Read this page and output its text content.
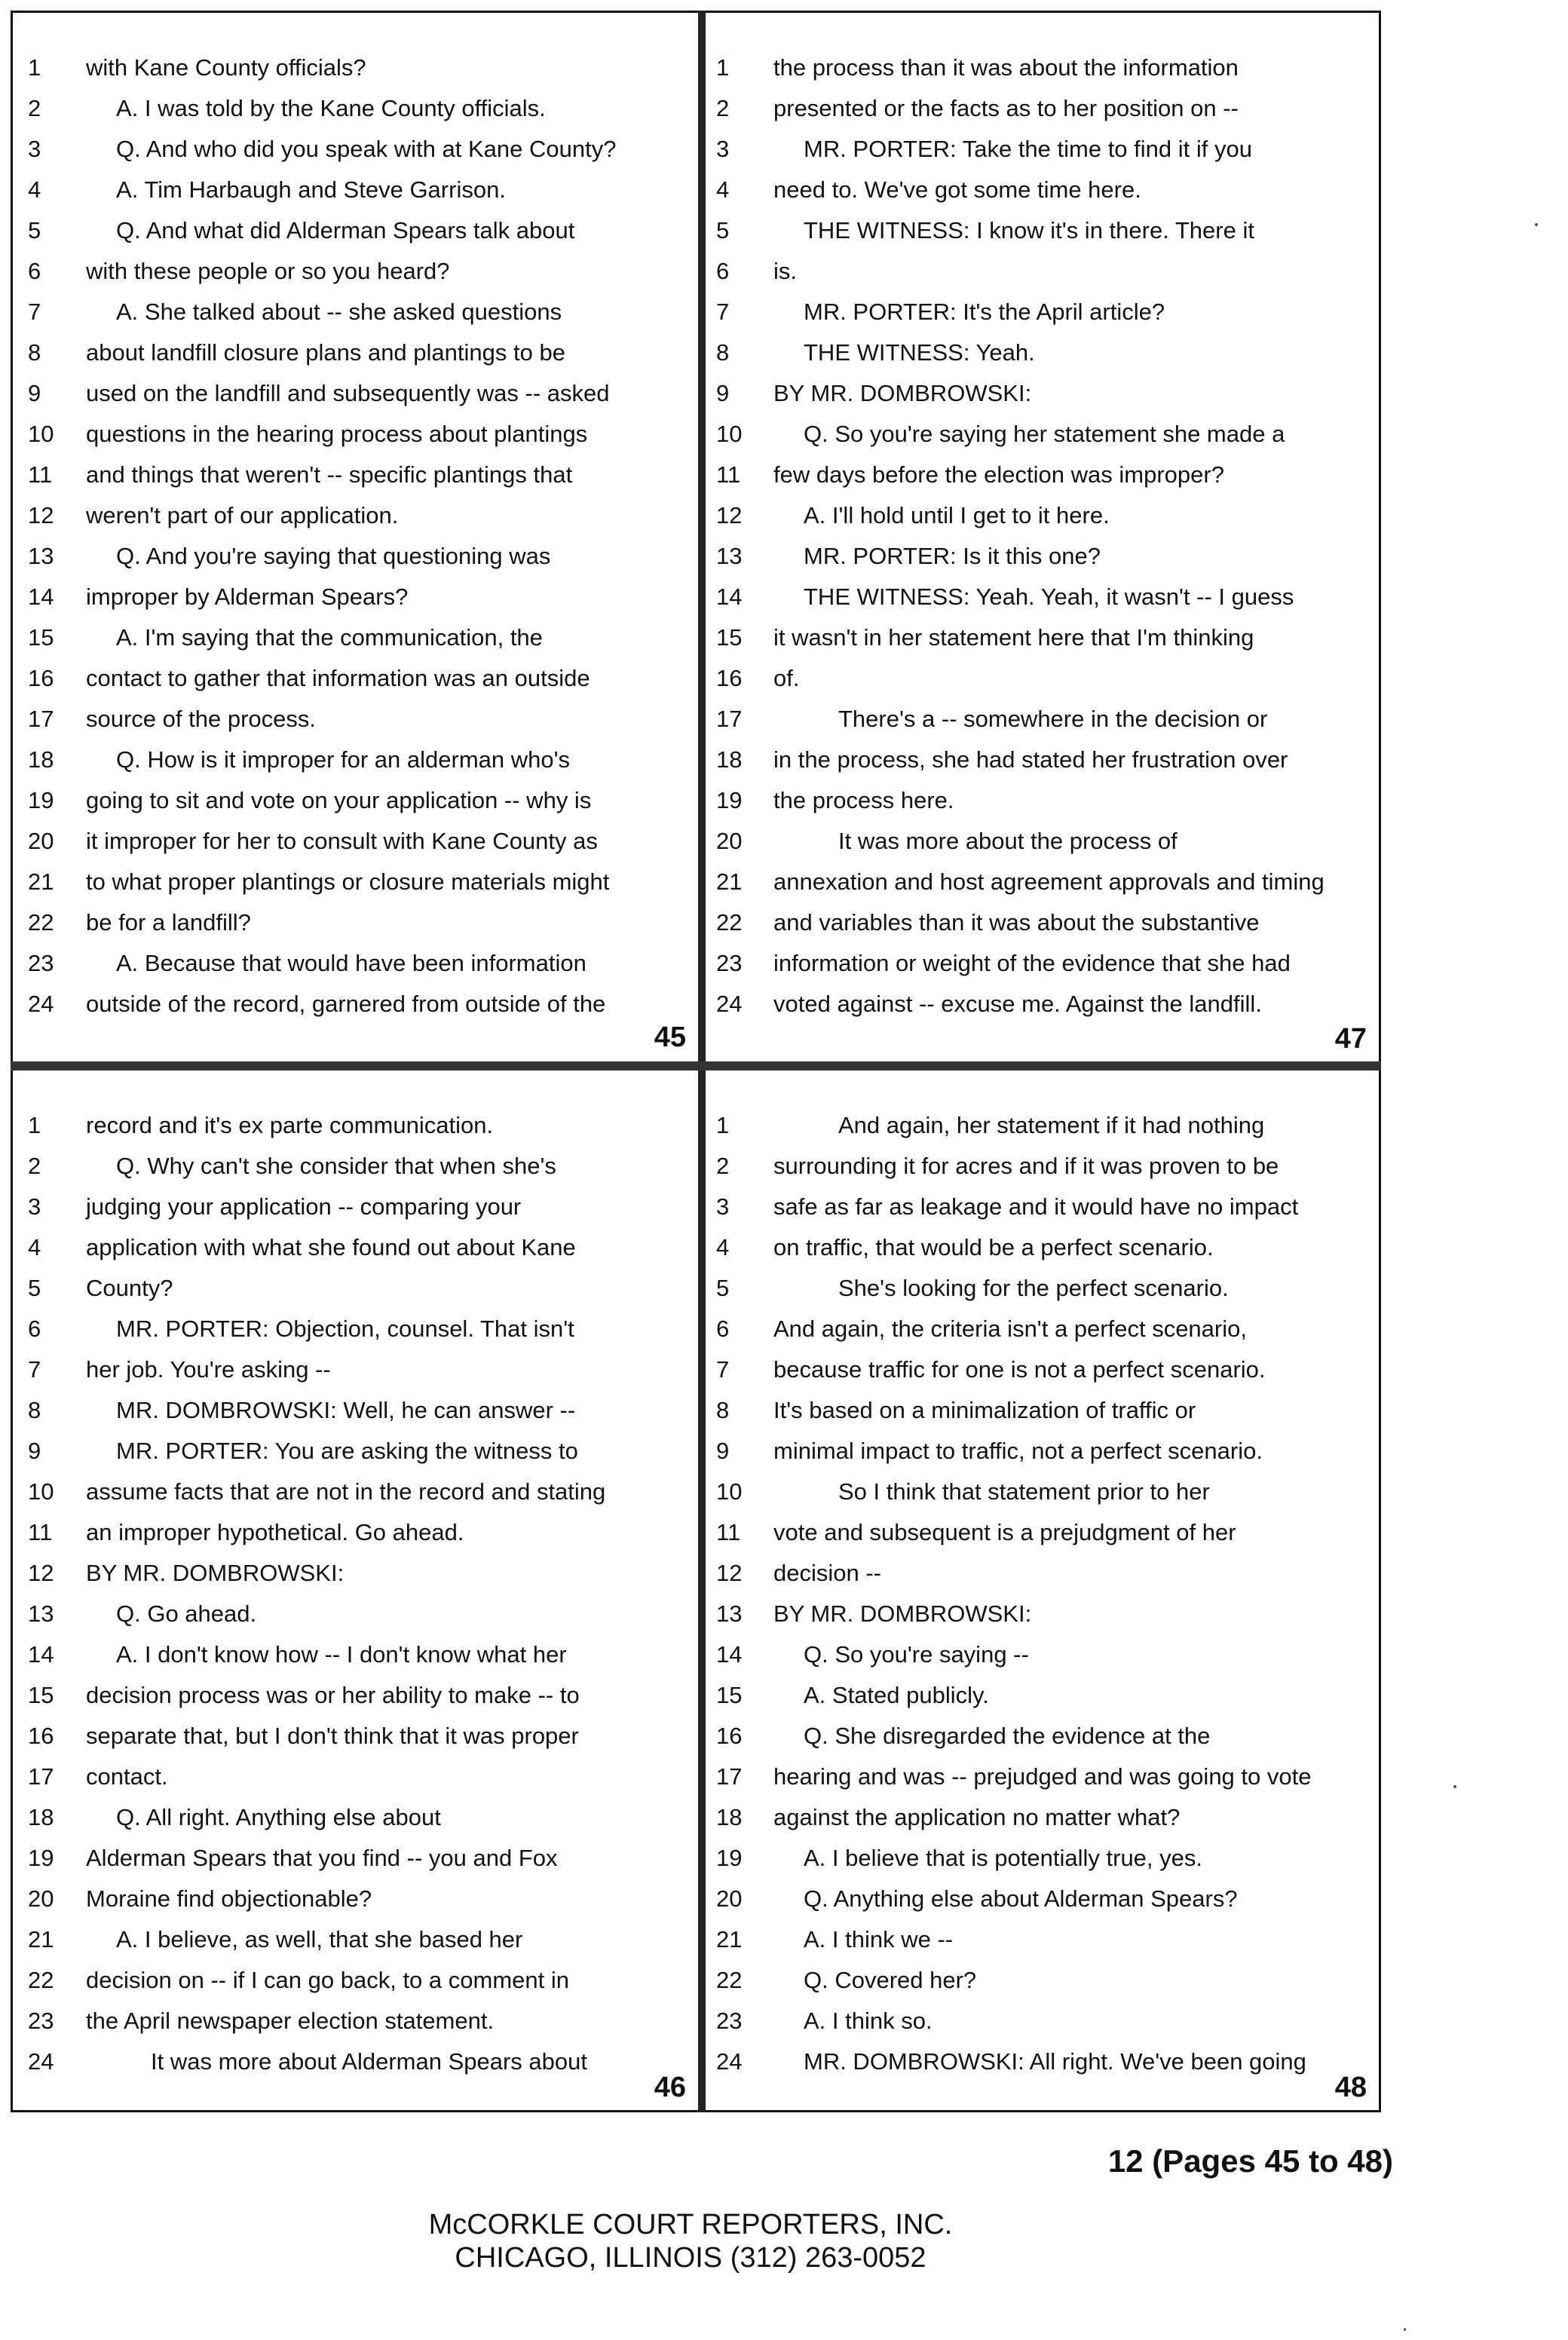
1	with Kane County officials?
2	A. I was told by the Kane County officials.
3	Q. And who did you speak with at Kane County?
4	A. Tim Harbaugh and Steve Garrison.
5	Q. And what did Alderman Spears talk about
6	with these people or so you heard?
7	A. She talked about -- she asked questions
8	about landfill closure plans and plantings to be
9	used on the landfill and subsequently was -- asked
10 questions in the hearing process about plantings
11 and things that weren't -- specific plantings that
12 weren't part of our application.
13	Q. And you're saying that questioning was
14 improper by Alderman Spears?
15	A. I'm saying that the communication, the
16 contact to gather that information was an outside
17 source of the process.
18	Q. How is it improper for an alderman who's
19 going to sit and vote on your application -- why is
20 it improper for her to consult with Kane County as
21 to what proper plantings or closure materials might
22 be for a landfill?
23	A. Because that would have been information
24 outside of the record, garnered from outside of the
45
1	the process than it was about the information
2	presented or the facts as to her position on --
3	MR. PORTER: Take the time to find it if you
4	need to. We've got some time here.
5	THE WITNESS: I know it's in there. There it
6	is.
7	MR. PORTER: It's the April article?
8	THE WITNESS: Yeah.
9	BY MR. DOMBROWSKI:
10	Q. So you're saying her statement she made a
11 few days before the election was improper?
12	A. I'll hold until I get to it here.
13	MR. PORTER: Is it this one?
14	THE WITNESS: Yeah. Yeah, it wasn't -- I guess
15 it wasn't in her statement here that I'm thinking
16 of.
17	There's a -- somewhere in the decision or
18 in the process, she had stated her frustration over
19 the process here.
20	It was more about the process of
21 annexation and host agreement approvals and timing
22 and variables than it was about the substantive
23 information or weight of the evidence that she had
24 voted against -- excuse me. Against the landfill.
47
1	record and it's ex parte communication.
2	Q. Why can't she consider that when she's
3	judging your application -- comparing your
4	application with what she found out about Kane
5	County?
6	MR. PORTER: Objection, counsel. That isn't
7	her job. You're asking --
8	MR. DOMBROWSKI: Well, he can answer --
9	MR. PORTER: You are asking the witness to
10 assume facts that are not in the record and stating
11 an improper hypothetical. Go ahead.
12 BY MR. DOMBROWSKI:
13	Q. Go ahead.
14	A. I don't know how -- I don't know what her
15 decision process was or her ability to make -- to
16 separate that, but I don't think that it was proper
17 contact.
18	Q. All right. Anything else about
19 Alderman Spears that you find -- you and Fox
20 Moraine find objectionable?
21	A. I believe, as well, that she based her
22 decision on -- if I can go back, to a comment in
23 the April newspaper election statement.
24	It was more about Alderman Spears about
46
1	And again, her statement if it had nothing
2	surrounding it for acres and if it was proven to be
3	safe as far as leakage and it would have no impact
4	on traffic, that would be a perfect scenario.
5	She's looking for the perfect scenario.
6	And again, the criteria isn't a perfect scenario,
7	because traffic for one is not a perfect scenario.
8	It's based on a minimalization of traffic or
9	minimal impact to traffic, not a perfect scenario.
10	So I think that statement prior to her
11 vote and subsequent is a prejudgment of her
12 decision --
13 BY MR. DOMBROWSKI:
14	Q. So you're saying --
15	A. Stated publicly.
16	Q. She disregarded the evidence at the
17 hearing and was -- prejudged and was going to vote
18 against the application no matter what?
19	A. I believe that is potentially true, yes.
20	Q. Anything else about Alderman Spears?
21	A. I think we --
22	Q. Covered her?
23	A. I think so.
24	MR. DOMBROWSKI: All right. We've been going
48
12 (Pages 45 to 48)
McCORKLE COURT REPORTERS, INC.
CHICAGO, ILLINOIS (312) 263-0052
